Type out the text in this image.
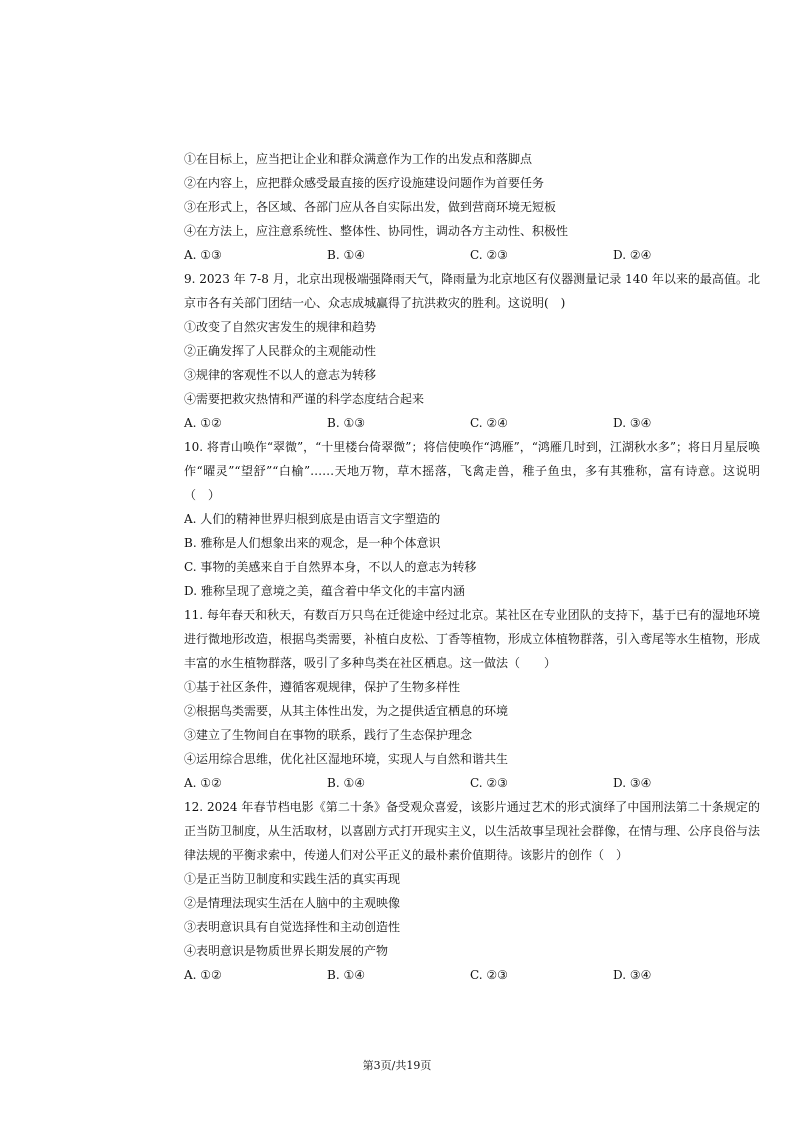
①在目标上，应当把让企业和群众满意作为工作的出发点和落脚点
②在内容上，应把群众感受最直接的医疗设施建设问题作为首要任务
③在形式上，各区域、各部门应从各自实际出发，做到营商环境无短板
④在方法上，应注意系统性、整体性、协同性，调动各方主动性、积极性
A. ①③	B. ①④	C. ②③	D. ②④
9. 2023 年 7-8 月，北京出现极端强降雨天气，降雨量为北京地区有仪器测量记录 140 年以来的最高值。北京市各有关部门团结一心、众志成城赢得了抗洪救灾的胜利。这说明(　)
①改变了自然灾害发生的规律和趋势
②正确发挥了人民群众的主观能动性
③规律的客观性不以人的意志为转移
④需要把救灾热情和严谨的科学态度结合起来
A. ①②	B. ①③	C. ②④	D. ③④
10. 将青山唤作“翠微”，“十里楼台倚翠微”；将信使唤作“鸿雁”，“鸿雁几时到，江湖秋水多”；将日月星辰唤作“曜灵”“望舒”“白榆”……天地万物，草木摇落，飞禽走兽，稚子鱼虫，多有其雅称，富有诗意。这说明（　）
A. 人们的精神世界归根到底是由语言文字塑造的
B. 雅称是人们想象出来的观念，是一种个体意识
C. 事物的美感来自于自然界本身，不以人的意志为转移
D. 雅称呈现了意境之美，蕴含着中华文化的丰富内涵
11. 每年春天和秋天，有数百万只鸟在迁徙途中经过北京。某社区在专业团队的支持下，基于已有的湿地环境进行微地形改造，根据鸟类需要，补植白皮松、丁香等植物，形成立体植物群落，引入鸢尾等水生植物，形成丰富的水生植物群落，吸引了多种鸟类在社区栖息。这一做法（　　）
①基于社区条件，遵循客观规律，保护了生物多样性
②根据鸟类需要，从其主体性出发，为之提供适宜栖息的环境
③建立了生物间自在事物的联系，践行了生态保护理念
④运用综合思维，优化社区湿地环境，实现人与自然和谐共生
A. ①②	B. ①④	C. ②③	D. ③④
12. 2024 年春节档电影《第二十条》备受观众喜爱，该影片通过艺术的形式演绎了中国刑法第二十条规定的正当防卫制度，从生活取材，以喜剧方式打开现实主义，以生活故事呈现社会群像，在情与理、公序良俗与法律法规的平衡求索中，传递人们对公平正义的最朴素价值期待。该影片的创作（　）
①是正当防卫制度和实践生活的真实再现
②是情理法现实生活在人脑中的主观映像
③表明意识具有自觉选择性和主动创造性
④表明意识是物质世界长期发展的产物
A. ①②	B. ①④	C. ②③	D. ③④
第3页/共19页
